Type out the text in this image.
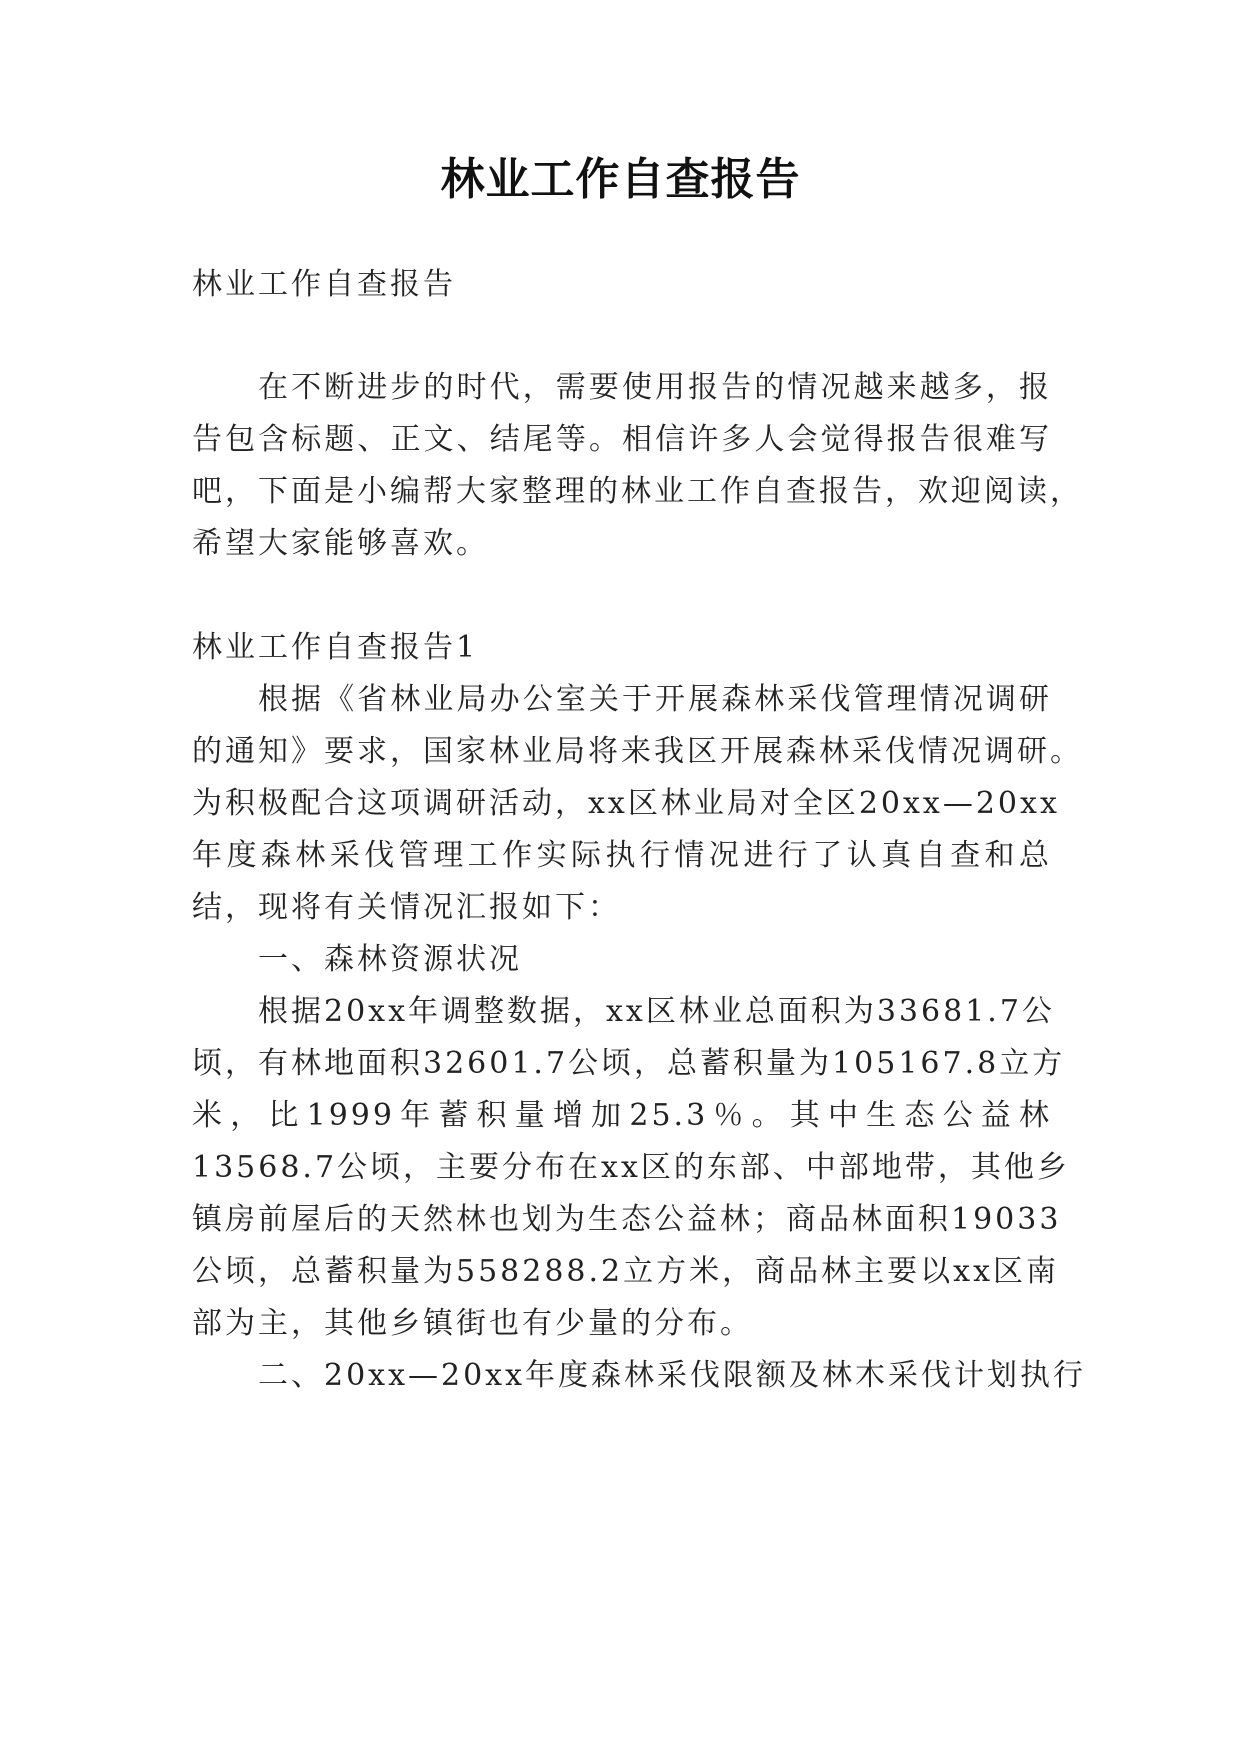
林业工作自查报告
林业工作自查报告
在不断进步的时代，需要使用报告的情况越来越多，报
告包含标题、正文、结尾等。相信许多人会觉得报告很难写
吧，下面是小编帮大家整理的林业工作自查报告，欢迎阅读，
希望大家能够喜欢。
林业工作自查报告1
根据《省林业局办公室关于开展森林采伐管理情况调研
的通知》要求，国家林业局将来我区开展森林采伐情况调研。
为积极配合这项调研活动，xx区林业局对全区20xx—20xx
年度森林采伐管理工作实际执行情况进行了认真自查和总
结，现将有关情况汇报如下：
一、森林资源状况
根据20xx年调整数据，xx区林业总面积为33681.7公
顷，有林地面积32601.7公顷，总蓄积量为105167.8立方
米，比1999年蓄积量增加25.3％。其中生态公益林
13568.7公顷，主要分布在xx区的东部、中部地带，其他乡
镇房前屋后的天然林也划为生态公益林；商品林面积19033
公顷，总蓄积量为558288.2立方米，商品林主要以xx区南
部为主，其他乡镇街也有少量的分布。
二、20xx—20xx年度森林采伐限额及林木采伐计划执行
